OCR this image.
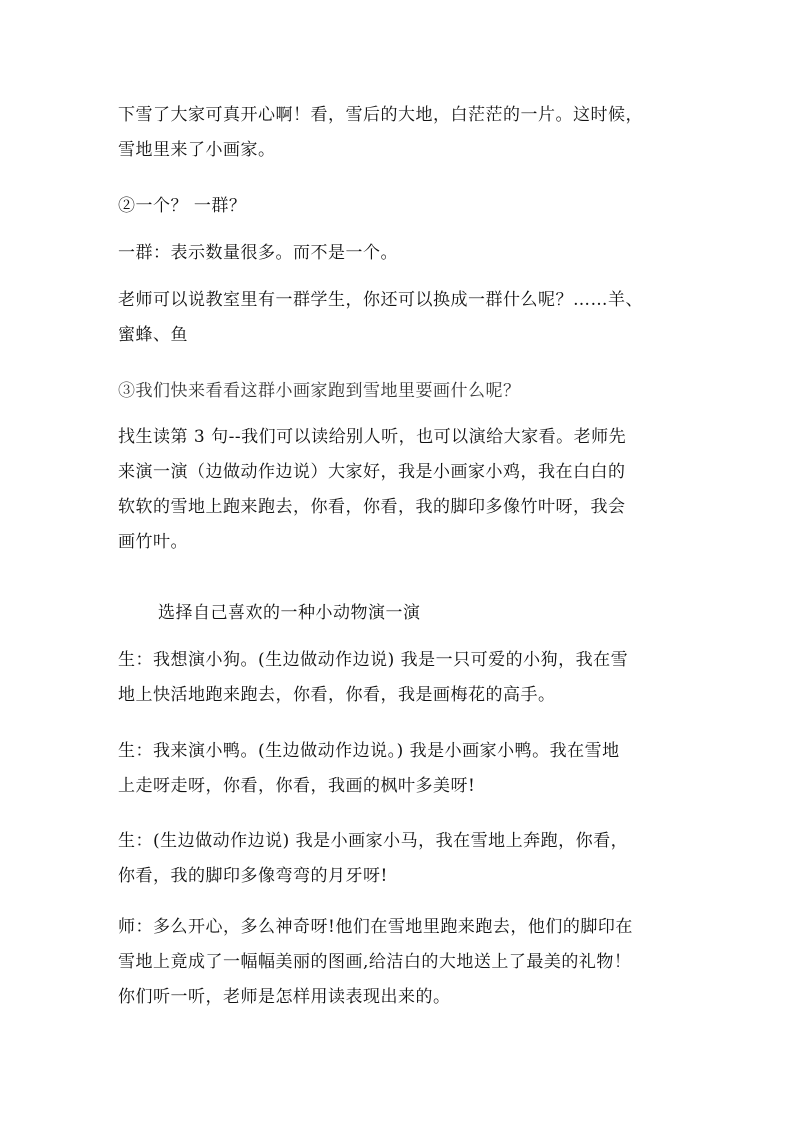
下雪了大家可真开心啊！看，雪后的大地，白茫茫的一片。这时候，
雪地里来了小画家。

②一个？ 一群？

一群：表示数量很多。而不是一个。

老师可以说教室里有一群学生，你还可以换成一群什么呢？……羊、
蜜蜂、鱼

③我们快来看看这群小画家跑到雪地里要画什么呢？

找生读第 3 句--我们可以读给别人听，也可以演给大家看。老师先
来演一演（边做动作边说）大家好，我是小画家小鸡，我在白白的
软软的雪地上跑来跑去，你看，你看，我的脚印多像竹叶呀，我会
画竹叶。

选择自己喜欢的一种小动物演一演

生：我想演小狗。(生边做动作边说) 我是一只可爱的小狗，我在雪
地上快活地跑来跑去，你看，你看，我是画梅花的高手。

生：我来演小鸭。(生边做动作边说。) 我是小画家小鸭。我在雪地
上走呀走呀，你看，你看，我画的枫叶多美呀!

生：(生边做动作边说) 我是小画家小马，我在雪地上奔跑，你看，
你看，我的脚印多像弯弯的月牙呀!

师：多么开心，多么神奇呀!他们在雪地里跑来跑去，他们的脚印在
雪地上竟成了一幅幅美丽的图画,给洁白的大地送上了最美的礼物！
你们听一听，老师是怎样用读表现出来的。
